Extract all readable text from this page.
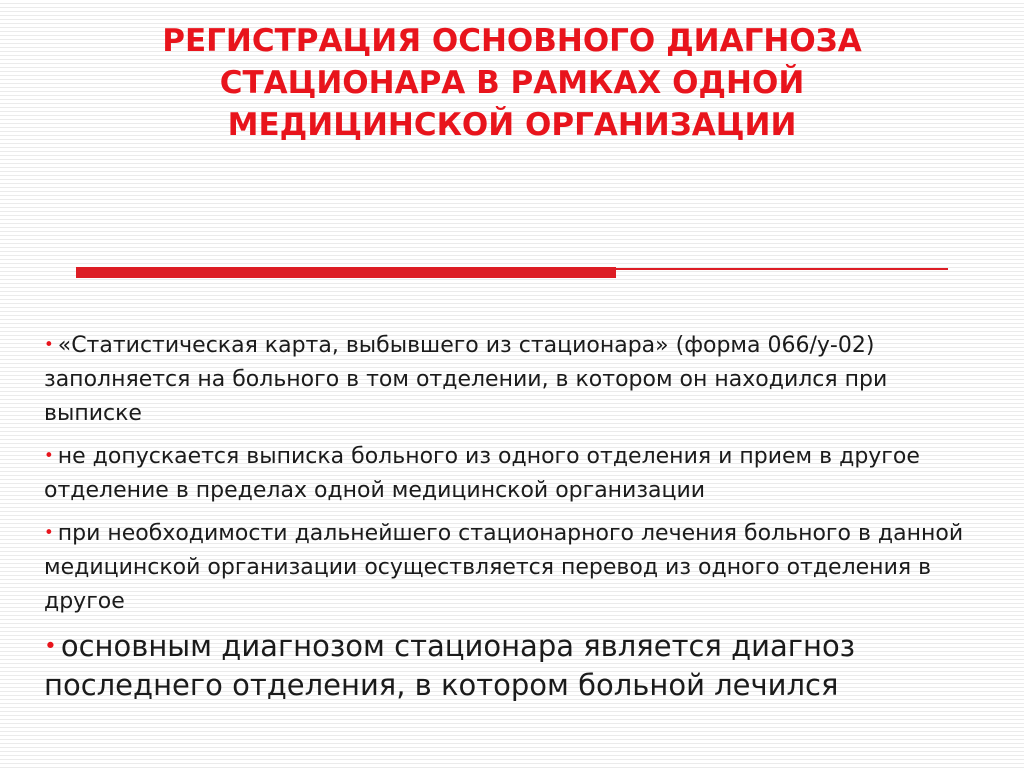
РЕГИСТРАЦИЯ ОСНОВНОГО ДИАГНОЗА
СТАЦИОНАРА В РАМКАХ ОДНОЙ
МЕДИЦИНСКОЙ ОРГАНИЗАЦИИ
• «Статистическая карта, выбывшего из стационара» (форма 066/у-02) заполняется на больного в том отделении, в котором он находился при выписке
• не допускается выписка больного из одного отделения и прием в другое отделение в пределах одной медицинской организации
• при необходимости дальнейшего стационарного лечения больного в данной медицинской организации осуществляется перевод из одного отделения в другое
• основным диагнозом стационара является диагноз последнего отделения, в котором больной лечился
